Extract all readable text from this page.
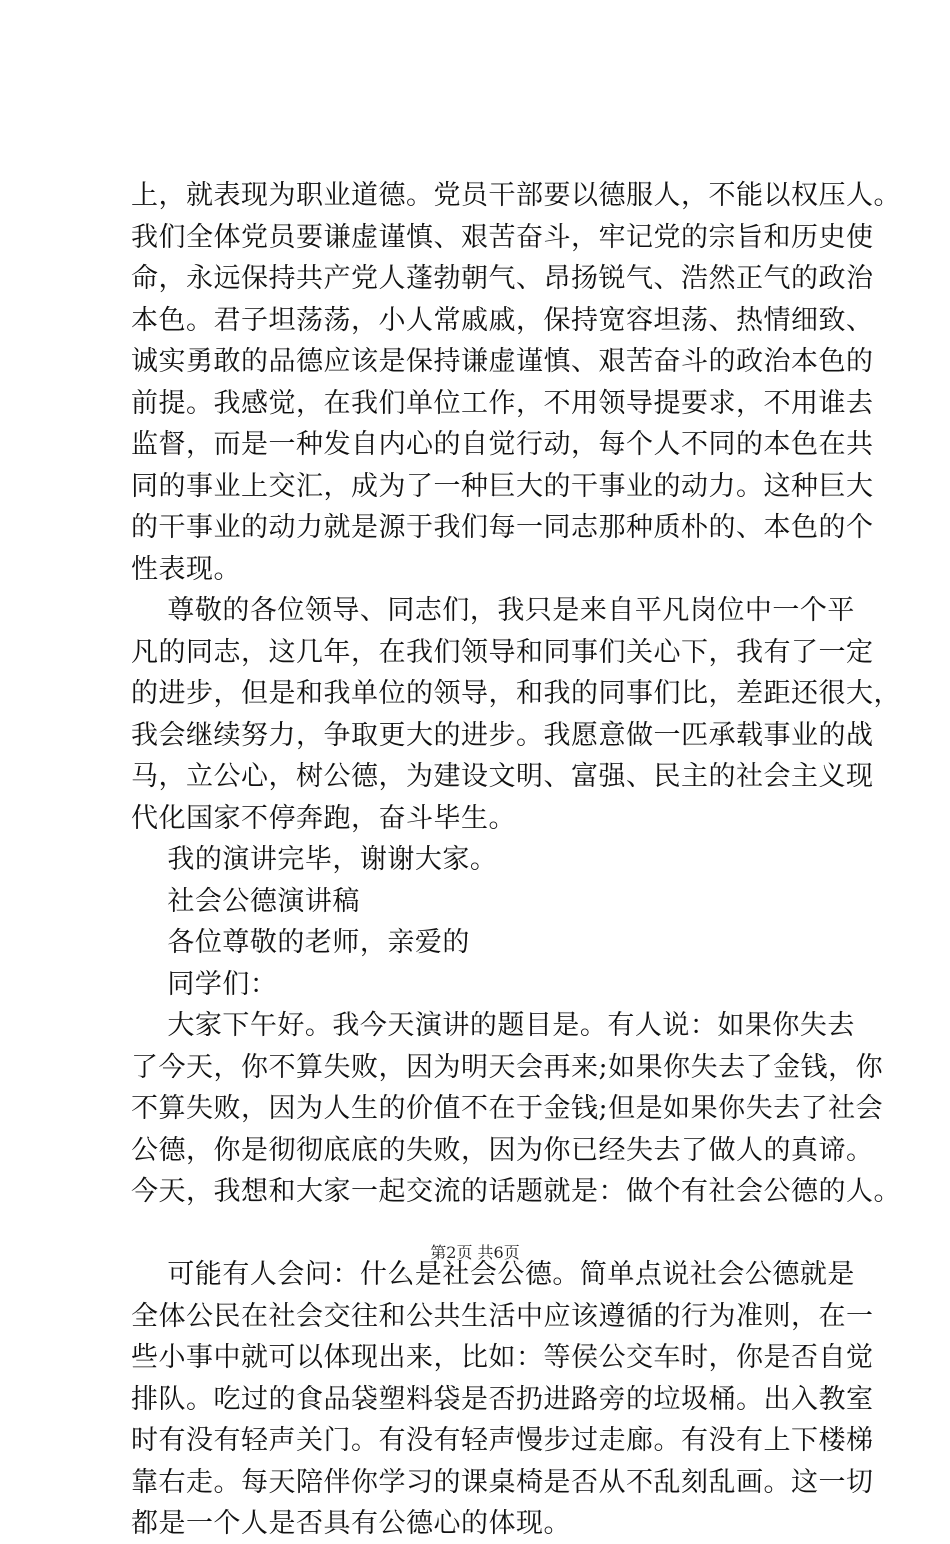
上，就表现为职业道德。党员干部要以德服人，不能以权压人。
我们全体党员要谦虚谨慎、艰苦奋斗，牢记党的宗旨和历史使
命，永远保持共产党人蓬勃朝气、昂扬锐气、浩然正气的政治
本色。君子坦荡荡，小人常戚戚，保持宽容坦荡、热情细致、
诚实勇敢的品德应该是保持谦虚谨慎、艰苦奋斗的政治本色的
前提。我感觉，在我们单位工作，不用领导提要求，不用谁去
监督，而是一种发自内心的自觉行动，每个人不同的本色在共
同的事业上交汇，成为了一种巨大的干事业的动力。这种巨大
的干事业的动力就是源于我们每一同志那种质朴的、本色的个
性表现。
尊敬的各位领导、同志们，我只是来自平凡岗位中一个平
凡的同志，这几年，在我们领导和同事们关心下，我有了一定
的进步，但是和我单位的领导，和我的同事们比，差距还很大，
我会继续努力，争取更大的进步。我愿意做一匹承载事业的战
马，立公心，树公德，为建设文明、富强、民主的社会主义现
代化国家不停奔跑，奋斗毕生。
我的演讲完毕，谢谢大家。
社会公德演讲稿
各位尊敬的老师，亲爱的
同学们：
大家下午好。我今天演讲的题目是。有人说：如果你失去
了今天，你不算失败，因为明天会再来;如果你失去了金钱，你
不算失败，因为人生的价值不在于金钱;但是如果你失去了社会
公德，你是彻彻底底的失败，因为你已经失去了做人的真谛。
今天，我想和大家一起交流的话题就是：做个有社会公德的人。
可能有人会问：什么是社会公德。简单点说社会公德就是
全体公民在社会交往和公共生活中应该遵循的行为准则，在一
些小事中就可以体现出来，比如：等侯公交车时，你是否自觉
排队。吃过的食品袋塑料袋是否扔进路旁的垃圾桶。出入教室
时有没有轻声关门。有没有轻声慢步过走廊。有没有上下楼梯
靠右走。每天陪伴你学习的课桌椅是否从不乱刻乱画。这一切
都是一个人是否具有公德心的体现。
第2页 共6页
